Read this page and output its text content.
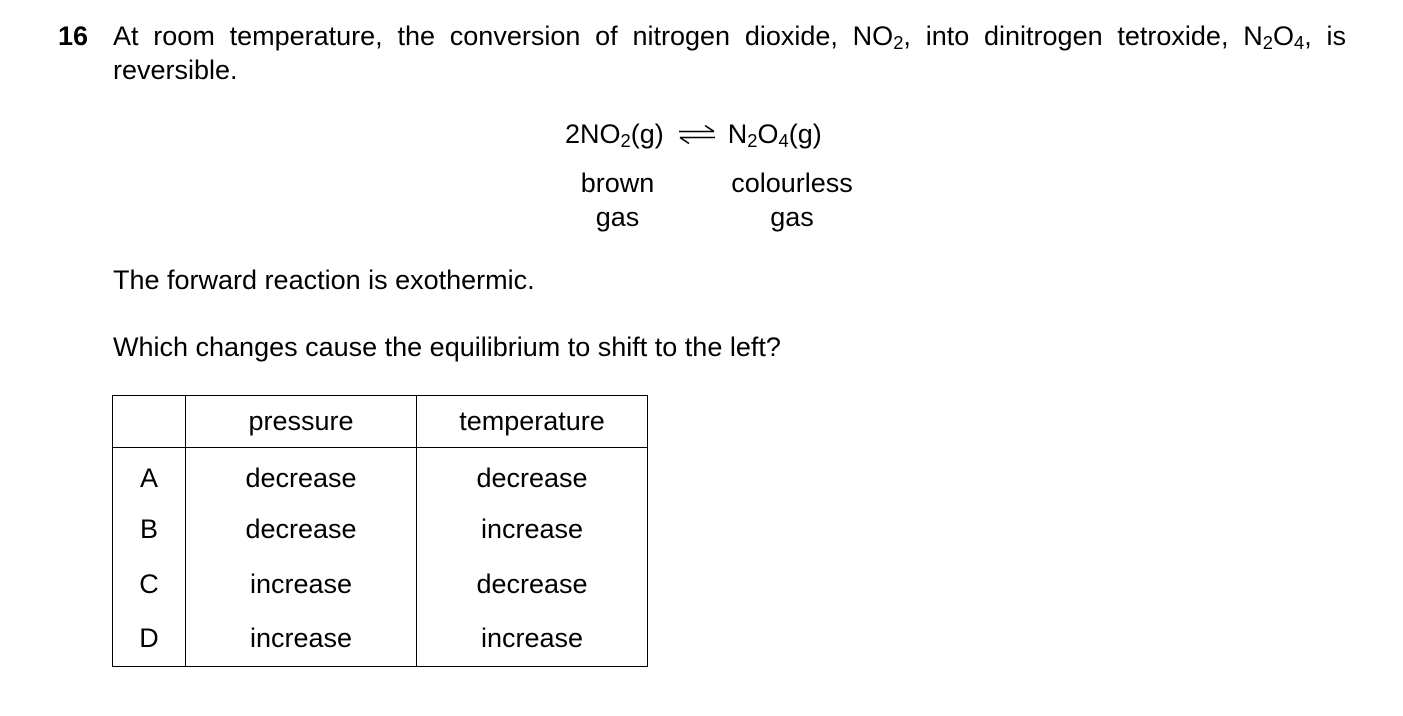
16 At room temperature, the conversion of nitrogen dioxide, $NO_2$, into dinitrogen tetroxide, $N_2O_4$, is
reversible.
$2NO_2(g)$ ⇌ $N_2O_4(g)$
brown
gas
colourless
gas
The forward reaction is exothermic.
Which changes cause the equilibrium to shift to the left?
	pressure	temperature
A	decrease	decrease
B	decrease	increase
C	increase	decrease
D	increase	increase
